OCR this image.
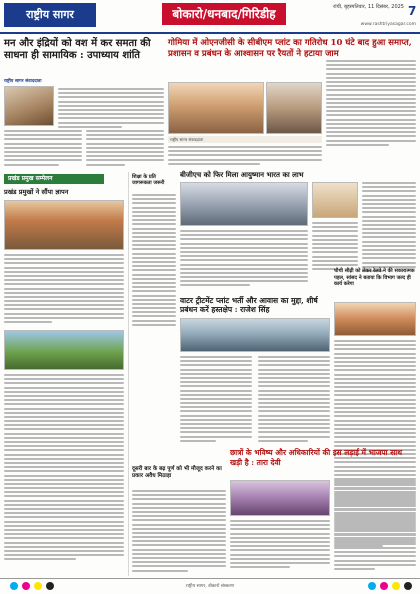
राष्ट्रीय सागर	बोकारो/धनबाद/गिरिडीह	रांची, बृहस्पतिवार, 11 दिसंबर, 2025 7
www.rashtriyasagar.com
मन और इंद्रियों को वश में कर समता की साधना ही सामायिक : उपाध्याय शांति
राष्ट्रीय सागर संवाददाता
प्रखंड प्रमुख सम्मेलन
प्रखंड प्रमुखों ने सौंपा ज्ञापन
शिक्षा के प्रति जागरूकता जरूरी
गोमिया में ओएनजीसी के सीबीएम प्लांट का गतिरोध 10 घंटे बाद हुआ समाप्त, प्रशासन व प्रबंधन के आश्वासन पर रैयतों ने हटाया जाम
राष्ट्रीय सागर संवाददाता
बीजीएच को फिर मिला आयुष्मान भारत का लाभ
वाटर ट्रीटमेंट प्लांट भर्ती और आवास का मुद्दा, शीर्ष प्रबंधन करें हस्तक्षेप : राजेश सिंह
चौथी सीढ़ी को लेकर रेलवे ने की सकारात्मक पहल, सांसद ने बताया कि विभाग जल्द ही कार्य करेगा
दूसरी बार के बढ़ पूर्ण को भी मौजूद करने का प्रकार अवैध मिठाड़ा
छात्रों के भविष्य और अधिकारियों की इस लड़ाई में भाजपा साथ खड़ी है : तारा देवी
राष्ट्रीय सागर, बोकारो संस्करण
